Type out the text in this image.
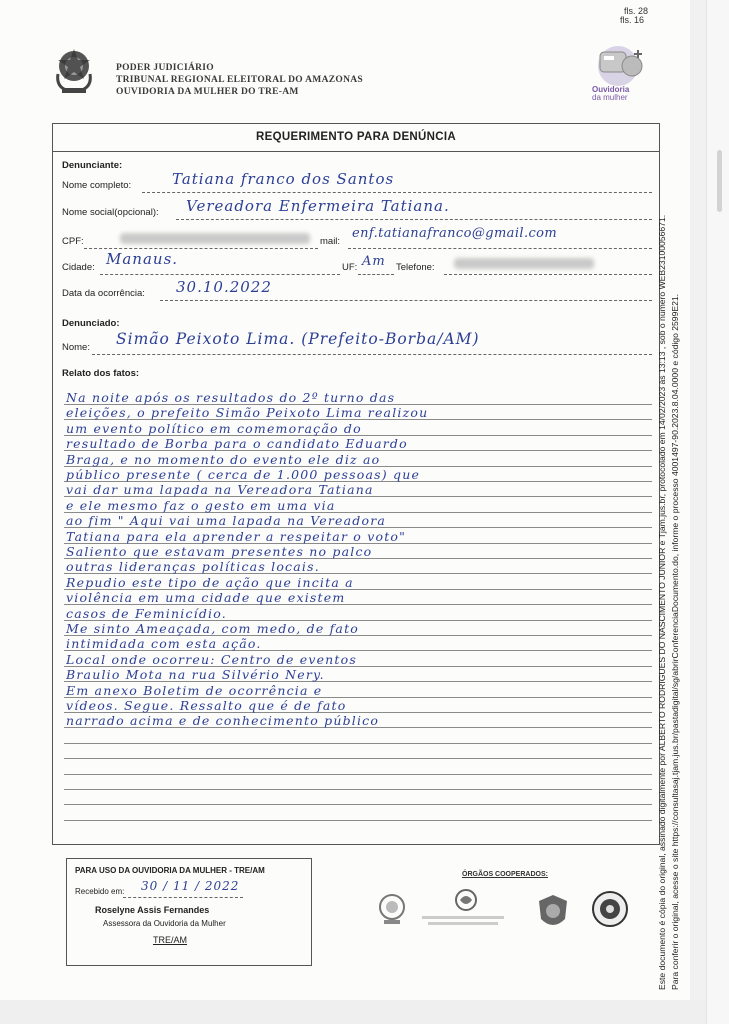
fls. 28
fls. 16
PODER JUDICIÁRIO
TRIBUNAL REGIONAL ELEITORAL DO AMAZONAS
OUVIDORIA DA MULHER DO TRE-AM	Ouvidoria
da mulher
REQUERIMENTO PARA DENÚNCIA
Denunciante:
Nome completo:	Tatiana franco dos Santos
Nome social(opcional): Vereadora Enfermeira Tatiana.
CPF:	mail:
enf.tatianafranco@gmail.com
Cidade: Manaus.	UF: Am Telefone:
Data da ocorrência: 30.10.2022
Denunciado:
Nome: Simão Peixoto Lima. (Prefeito-Borba/AM)
Relato dos fatos:
Na noite após os resultados do 2º turno das
eleições, o prefeito Simão Peixoto Lima realizou
um evento político em comemoração do
resultado de Borba para o candidato Eduardo
Braga, e no momento do evento ele diz ao
público presente ( cerca de 1.000 pessoas) que
vai dar uma lapada na Vereadora Tatiana
e ele mesmo faz o gesto em uma via
ao fim " Aqui vai uma lapada na Vereadora
Tatiana para ela aprender a respeitar o voto"
Saliento que estavam presentes no palco
outras lideranças políticas locais.
Repudio este tipo de ação que incita a
violência em uma cidade que existem
casos de Feminicídio.
Me sinto Ameaçada, com medo, de fato
intimidada com esta ação.
Local onde ocorreu: Centro de eventos
Braulio Mota na rua Silvério Nery.
Em anexo Boletim de ocorrência e
vídeos. Segue. Ressalto que é de fato
narrado acima e de conhecimento público
PARA USO DA OUVIDORIA DA MULHER - TRE/AM
Recebido em: 30 / 11 / 2022
Roselyne Assis Fernandes
Assessora da Ouvidoria da Mulher
TRE/AM
ÓRGÃOS COOPERADOS:	Este documento é cópia do original, assinado digitalmente por ALBERTO RODRIGUES DO NASCIMENTO JUNIOR e Tjam.jus.br, protocolado em 14/02/2023 às 13:13 , sob o número WEB23100056671. Para conferir o original, acesse o site https://consultasaj.tjam.jus.br/pastadigital/sg/abrirConferenciaDocumento.do, informe o processo 4001497-90.2023.8.04.0000 e código 2599E21.
